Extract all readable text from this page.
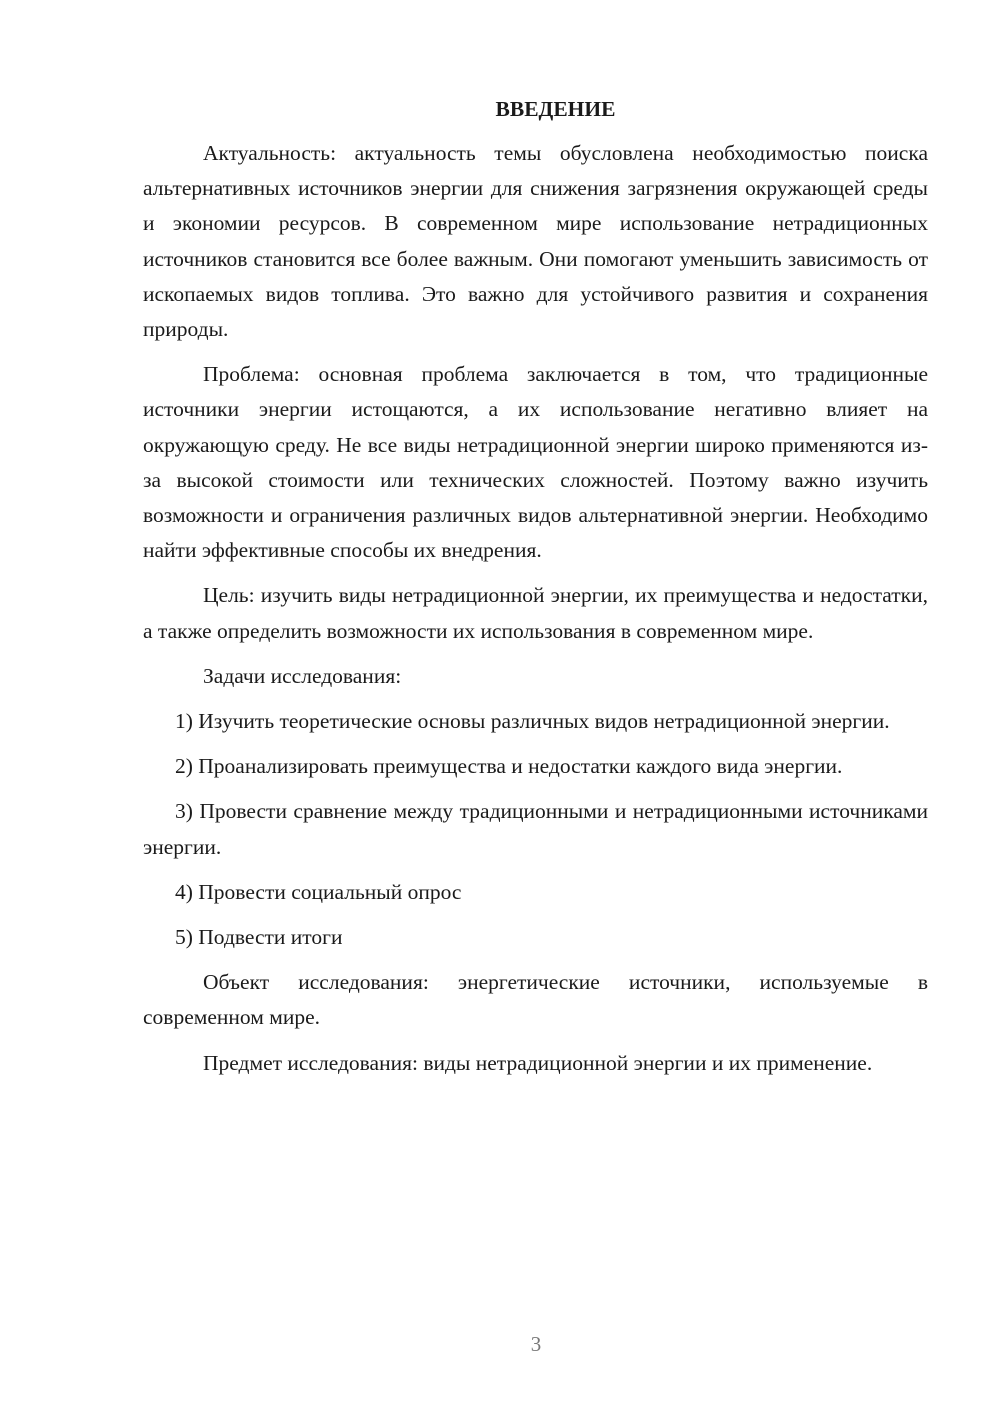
ВВЕДЕНИЕ

Актуальность: актуальность темы обусловлена необходимостью поиска альтернативных источников энергии для снижения загрязнения окружающей среды и экономии ресурсов. В современном мире использование нетрадиционных источников становится все более важным. Они помогают уменьшить зависимость от ископаемых видов топлива. Это важно для устойчивого развития и сохранения природы.

Проблема: основная проблема заключается в том, что традиционные источники энергии истощаются, а их использование негативно влияет на окружающую среду. Не все виды нетрадиционной энергии широко применяются из-за высокой стоимости или технических сложностей. Поэтому важно изучить возможности и ограничения различных видов альтернативной энергии. Необходимо найти эффективные способы их внедрения.

Цель: изучить виды нетрадиционной энергии, их преимущества и недостатки, а также определить возможности их использования в современном мире.

Задачи исследования:

1) Изучить теоретические основы различных видов нетрадиционной энергии.

2) Проанализировать преимущества и недостатки каждого вида энергии.

3) Провести сравнение между традиционными и нетрадиционными источниками энергии.

4) Провести социальный опрос

5) Подвести итоги

Объект исследования: энергетические источники, используемые в современном мире.

Предмет исследования: виды нетрадиционной энергии и их применение.

3
